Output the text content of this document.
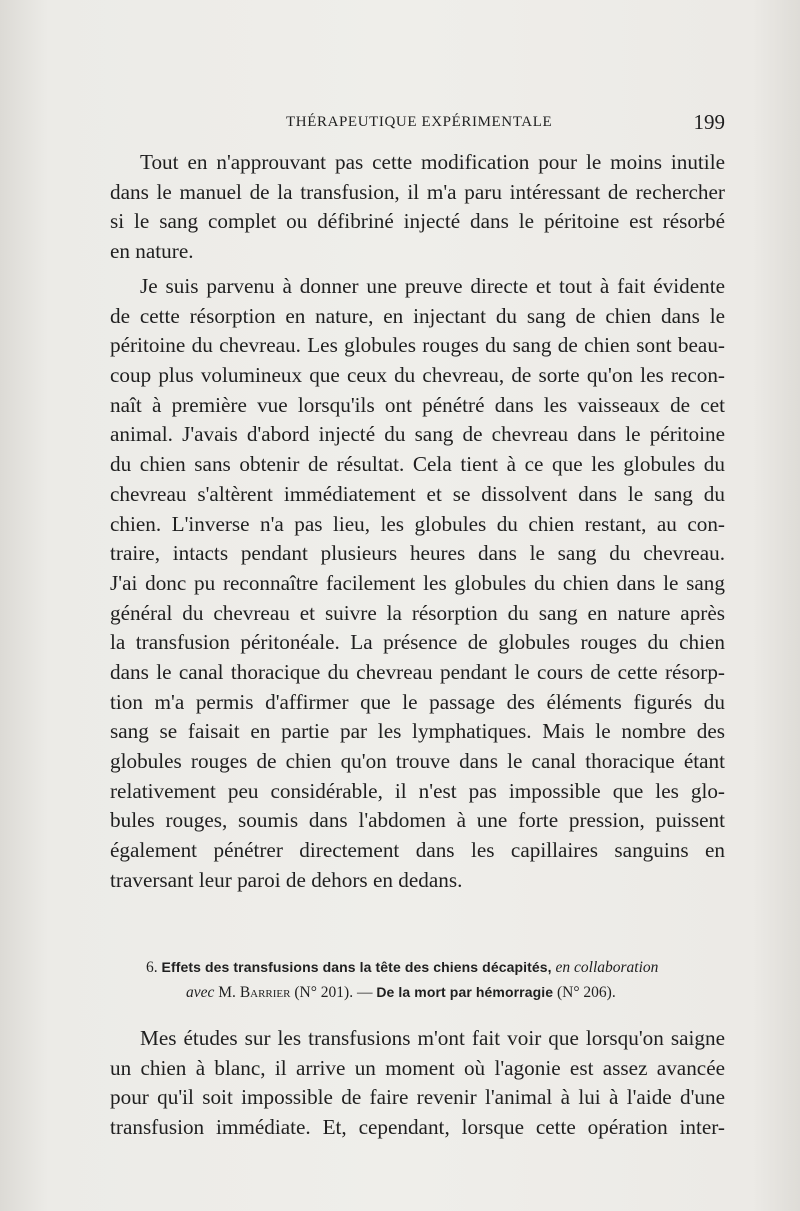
THÉRAPEUTIQUE EXPÉRIMENTALE	199
Tout en n'approuvant pas cette modification pour le moins inutile
dans le manuel de la transfusion, il m'a paru intéressant de rechercher
si le sang complet ou défibriné injecté dans le péritoine est résorbé
en nature.
Je suis parvenu à donner une preuve directe et tout à fait évidente
de cette résorption en nature, en injectant du sang de chien dans le
péritoine du chevreau. Les globules rouges du sang de chien sont beau-
coup plus volumineux que ceux du chevreau, de sorte qu'on les recon-
naît à première vue lorsqu'ils ont pénétré dans les vaisseaux de cet
animal. J'avais d'abord injecté du sang de chevreau dans le péritoine
du chien sans obtenir de résultat. Cela tient à ce que les globules du
chevreau s'altèrent immédiatement et se dissolvent dans le sang du
chien. L'inverse n'a pas lieu, les globules du chien restant, au con-
traire, intacts pendant plusieurs heures dans le sang du chevreau.
J'ai donc pu reconnaître facilement les globules du chien dans le sang
général du chevreau et suivre la résorption du sang en nature après
la transfusion péritonéale. La présence de globules rouges du chien
dans le canal thoracique du chevreau pendant le cours de cette résorp-
tion m'a permis d'affirmer que le passage des éléments figurés du
sang se faisait en partie par les lymphatiques. Mais le nombre des
globules rouges de chien qu'on trouve dans le canal thoracique étant
relativement peu considérable, il n'est pas impossible que les glo-
bules rouges, soumis dans l'abdomen à une forte pression, puissent
également pénétrer directement dans les capillaires sanguins en
traversant leur paroi de dehors en dedans.
6. Effets des transfusions dans la tête des chiens décapités, en collaboration
avec M. Barrier (N° 201). — De la mort par hémorragie (N° 206).
Mes études sur les transfusions m'ont fait voir que lorsqu'on saigne
un chien à blanc, il arrive un moment où l'agonie est assez avancée
pour qu'il soit impossible de faire revenir l'animal à lui à l'aide d'une
transfusion immédiate. Et, cependant, lorsque cette opération inter-
